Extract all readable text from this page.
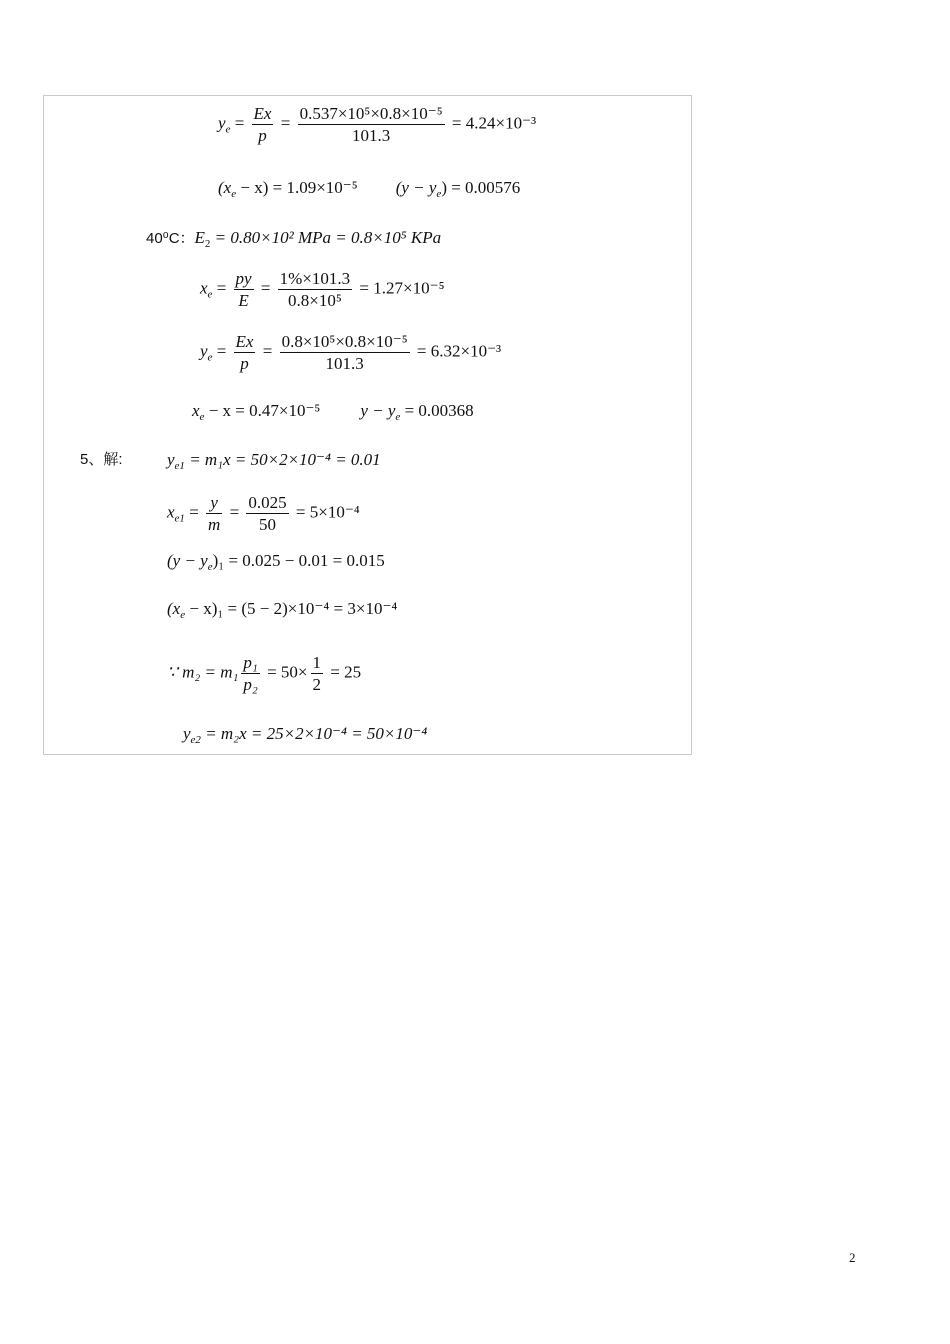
$y_e = \frac{Ex}{p} = \frac{\text{0.537×10⁵×0.8×10⁻⁵}}{101.3} = 4.24\times 10^{-3}$
$(x_e - x) = 1.09\times 10^{-5}$ $(y - y_e) = 0.00576$
40⁰C：$E_2 = 0.80\times 10^2$ MPa = 0.8×10⁵ KPa
$x_e = \frac{py}{E} = \frac{1\%\times 101.3}{\text{0.8×10⁵}} = 1.27\times 10^{-5}$
$y_e = \frac{Ex}{p} = \frac{\text{0.8×10⁵×0.8×10⁻⁵}}{101.3} = 6.32\times 10^{-3}$
$x_e - x = 0.47\times 10^{-5}$ $y - y_e = 0.00368$
5、解:	$y_{e1} = m_1x = 50\times 2\times 10^{-4} = 0.01$
$x_{e1} = \frac{y}{m} = \frac{0.025}{50} = 5\times 10^{-4}$
$(y - y_e)_1 = 0.025 - 0.01 = 0.015$
$(x_e - x)_1 = (5 - 2)\times 10^{-4} = 3\times 10^{-4}$
∵ $m_2 = m_1 \frac{\text{p₁}}{\text{p₂}} = 50\times \frac{1}{2} = 25$
$y_{e2} = m_2x = 25\times 2\times 10^{-4} = 50\times 10^{-4}$
2
